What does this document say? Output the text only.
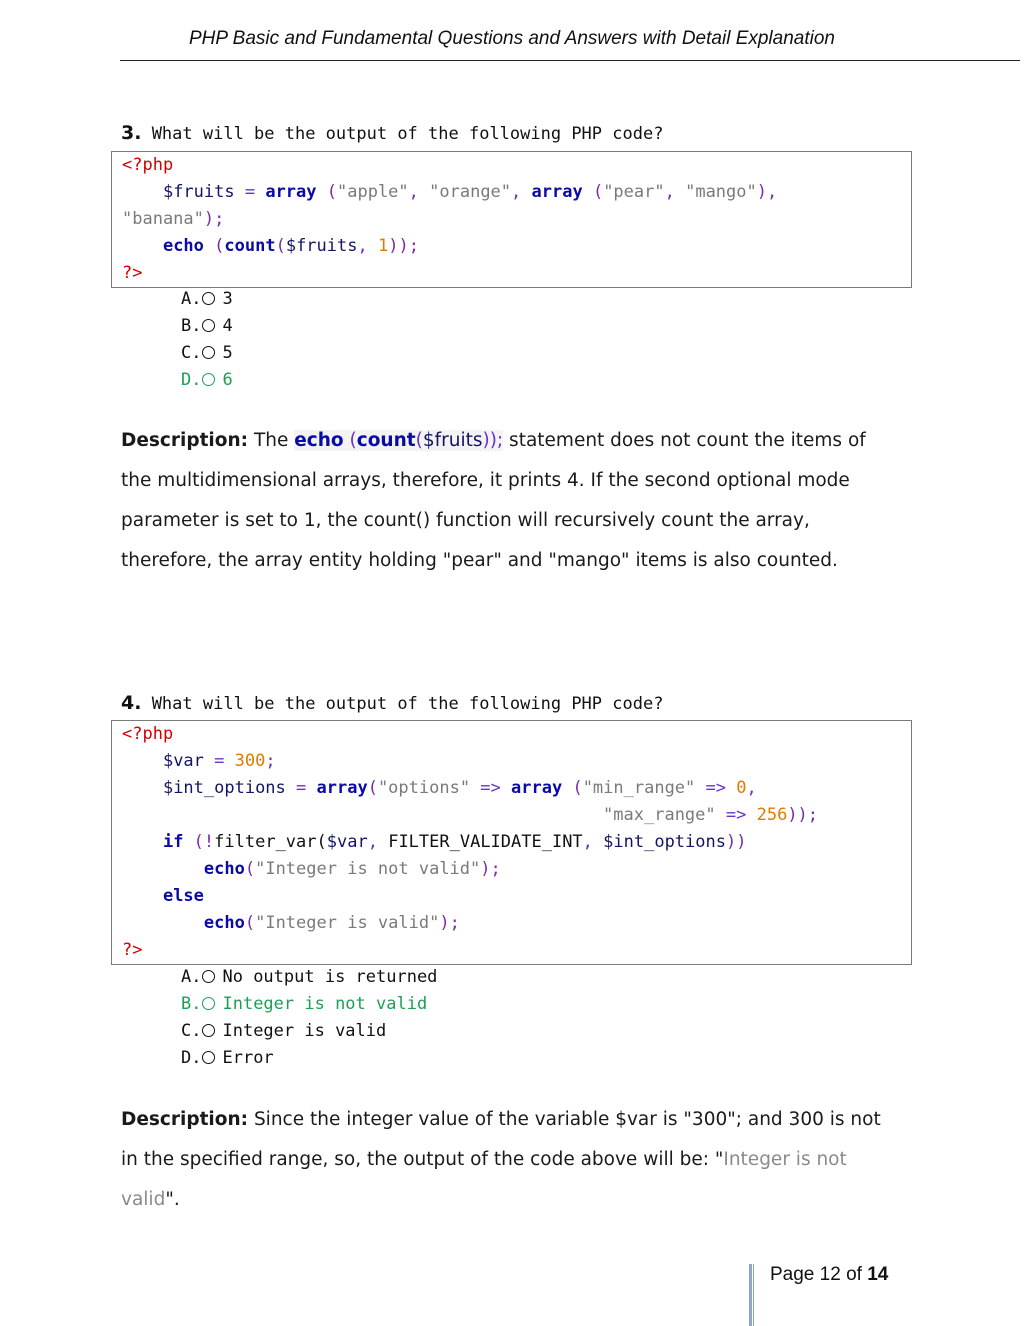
PHP Basic and Fundamental Questions and Answers with Detail Explanation
3. What will be the output of the following PHP code?
<?php
$fruits = array ("apple", "orange", array ("pear", "mango"),
"banana");
echo (count($fruits, 1));
?>
A. 3
B. 4
C. 5
D. 6
Description: The echo (count($fruits)); statement does not count the items of the multidimensional arrays, therefore, it prints 4. If the second optional mode parameter is set to 1, the count() function will recursively count the array, therefore, the array entity holding "pear" and "mango" items is also counted.
4. What will be the output of the following PHP code?
<?php
$var = 300;
$int_options = array("options" => array ("min_range" => 0,
"max_range" => 256));
if (!filter_var($var, FILTER_VALIDATE_INT, $int_options))
echo("Integer is not valid");
else
echo("Integer is valid");
?>
A. No output is returned
B. Integer is not valid
C. Integer is valid
D. Error
Description: Since the integer value of the variable $var is "300"; and 300 is not in the specified range, so, the output of the code above will be: "Integer is not valid".
Page 12 of 14
